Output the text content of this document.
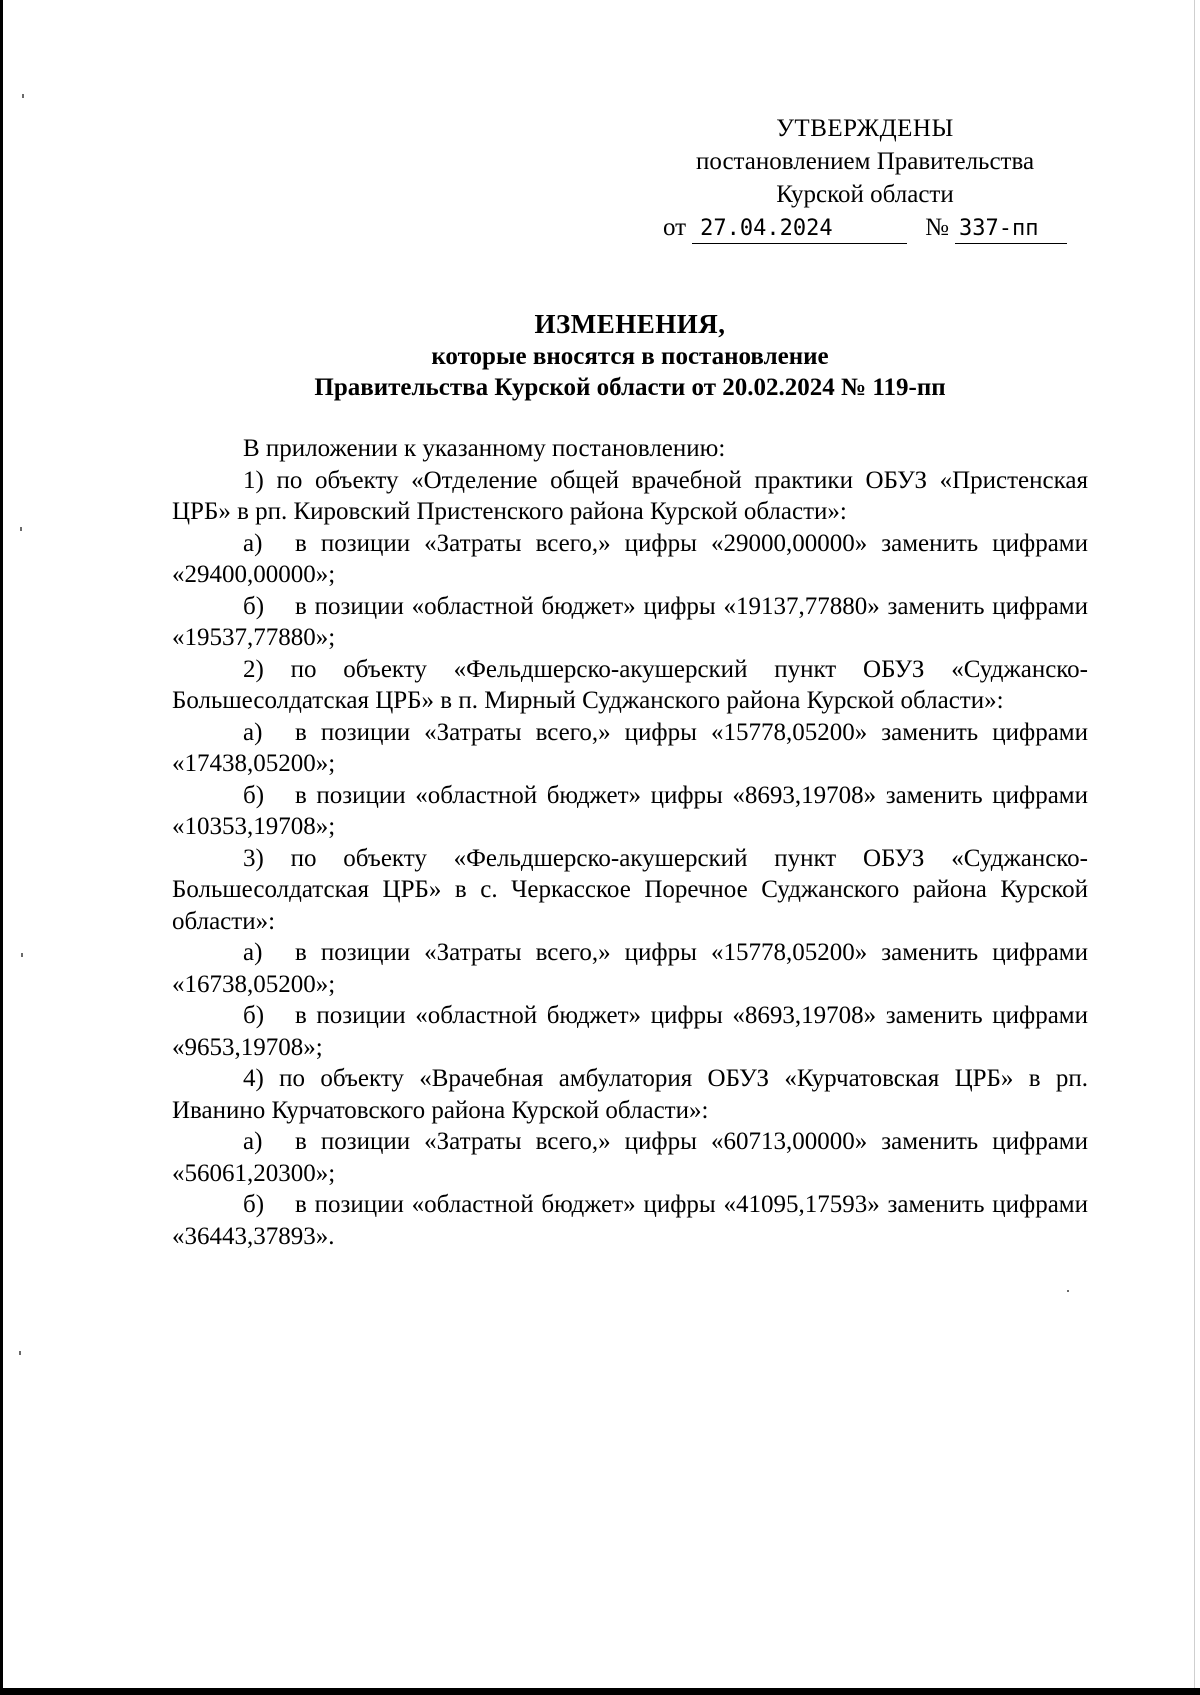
УТВЕРЖДЕНЫ
постановлением Правительства
Курской области
от 27.04.2024	№ 337-пп
ИЗМЕНЕНИЯ,
которые вносятся в постановление
Правительства Курской области от 20.02.2024 № 119-пп

В приложении к указанному постановлению:

1) по объекту «Отделение общей врачебной практики ОБУЗ «Пристенская ЦРБ» в рп. Кировский Пристенского района Курской области»:

а) в позиции «Затраты всего,» цифры «29000,00000» заменить цифрами «29400,00000»;

б) в позиции «областной бюджет» цифры «19137,77880» заменить цифрами «19537,77880»;

2) по объекту «Фельдшерско-акушерский пункт ОБУЗ «Суджанско-Большесолдатская ЦРБ» в п. Мирный Суджанского района Курской области»:

а) в позиции «Затраты всего,» цифры «15778,05200» заменить цифрами «17438,05200»;

б) в позиции «областной бюджет» цифры «8693,19708» заменить цифрами «10353,19708»;

3) по объекту «Фельдшерско-акушерский пункт ОБУЗ «Суджанско-Большесолдатская ЦРБ» в с. Черкасское Поречное Суджанского района Курской области»:

а) в позиции «Затраты всего,» цифры «15778,05200» заменить цифрами «16738,05200»;

б) в позиции «областной бюджет» цифры «8693,19708» заменить цифрами «9653,19708»;

4) по объекту «Врачебная амбулатория ОБУЗ «Курчатовская ЦРБ» в рп. Иванино Курчатовского района Курской области»:

а) в позиции «Затраты всего,» цифры «60713,00000» заменить цифрами «56061,20300»;

б) в позиции «областной бюджет» цифры «41095,17593» заменить цифрами «36443,37893».
